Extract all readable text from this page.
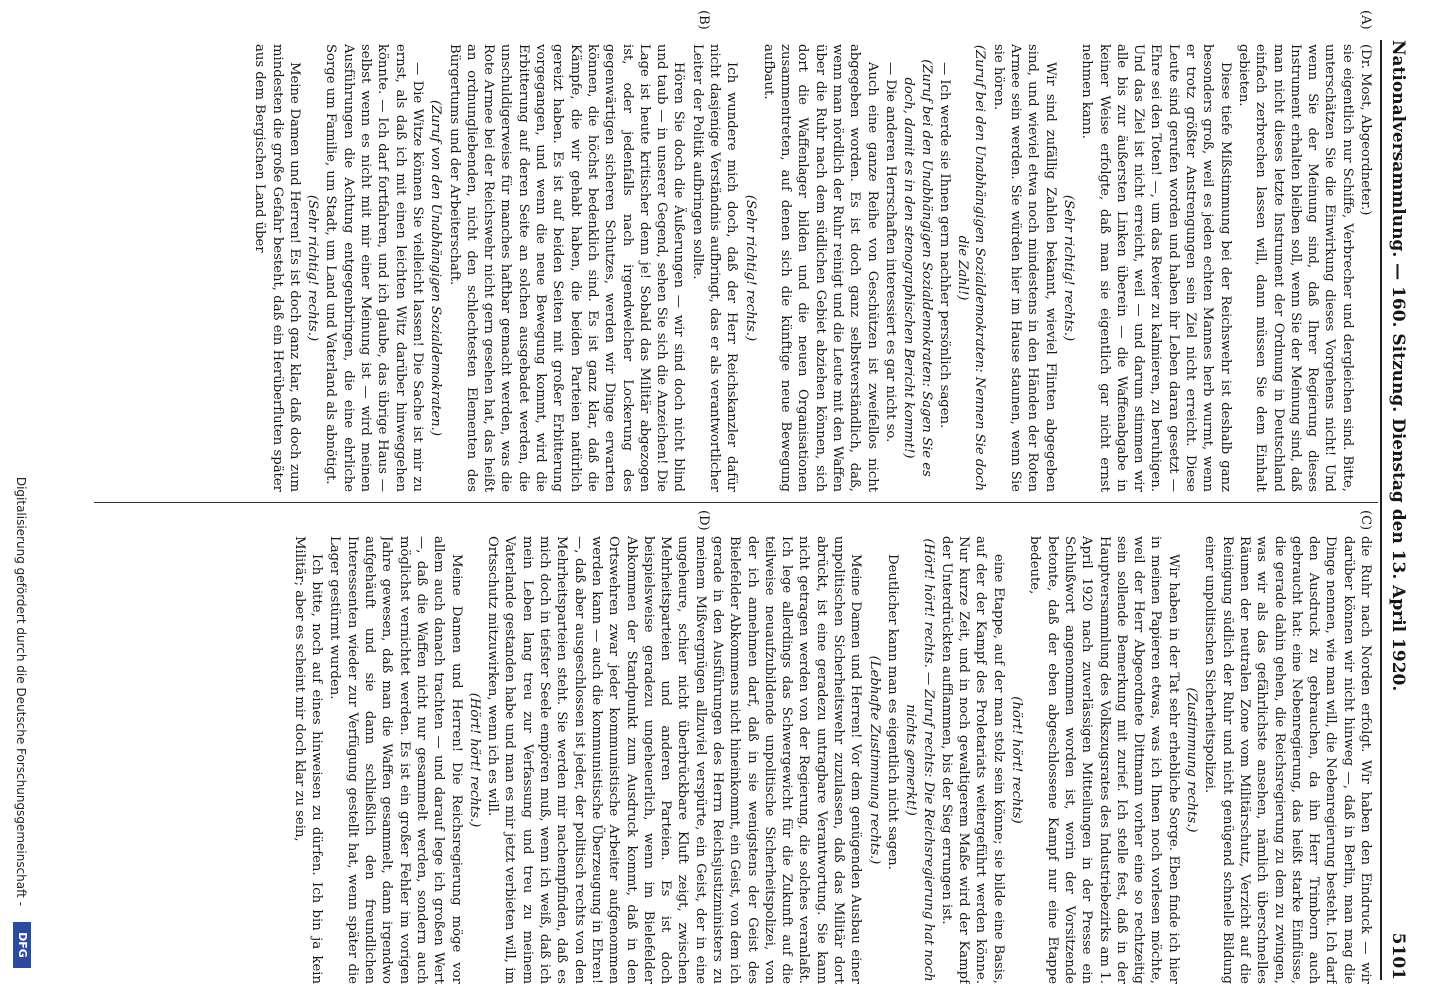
Nationalversammlung. — 160. Sitzung. Dienstag den 13. April 1920.
5101
(A)
(B)
(C)
(D)

(Dr. Most, Abgeordneter.)

sie eigentlich nur Schiffe, Verbrecher und dergleichen sind. Bitte, unterschätzen Sie die Einwirkung dieses Vorgehens nicht! Und wenn Sie der Meinung sind, daß Ihrer Regierung dieses Instrument erhalten bleiben soll, wenn Sie der Meinung sind, daß man nicht dieses letzte Instrument der Ordnung in Deutschland einfach zerbrechen lassen will, dann müssen Sie dem Einhalt gebieten.

Diese tiefe Mißstimmung bei der Reichswehr ist deshalb ganz besonders groß, weil es jeden echten Mannes herb wurmt, wenn er trotz größter Anstrengungen sein Ziel nicht erreicht. Diese Leute sind gerufen worden und haben ihr Leben daran gesetzt — Ehre sei den Toten! —, um das Revier zu kalmieren, zu beruhigen. Und das Ziel ist nicht erreicht, weil — und darum stimmen wir alle bis zur äußersten Linken überein — die Waffenabgabe in keiner Weise erfolgte, daß man sie eigentlich gar nicht ernst nehmen kann.

(Sehr richtig! rechts.)

Wir sind zufällig Zahlen bekannt, wieviel Flinten abgegeben sind, und wieviel etwa noch mindestens in den Händen der Roten Armee sein werden. Sie würden hier im Hause staunen, wenn Sie sie hören.

(Zuruf bei den Unabhängigen Sozialdemokraten: Nennen Sie doch die Zahl!)

— Ich werde sie Ihnen gern nachher persönlich sagen.

(Zuruf bei den Unabhängigen Sozialdemokraten: Sagen Sie es doch, damit es in den stenographischen Bericht kommt!)

— Die anderen Herrschaften interessiert es gar nicht so.

Auch eine ganze Reihe von Geschützen ist zweifellos nicht abgegeben worden. Es ist doch ganz selbstverständlich, daß, wenn man nördlich der Ruhr reinigt und die Leute mit den Waffen über die Ruhr nach dem südlichen Gebiet abziehen können, sich dort die Waffenlager bilden und die neuen Organisationen zusammentreten, auf denen sich die künftige neue Bewegung aufbaut.

(Sehr richtig! rechts.)

Ich wundere mich doch, daß der Herr Reichskanzler dafür nicht dasjenige Verständnis aufbringt, das er als verantwortlicher Leiter der Politik aufbringen sollte.

Hören Sie doch die Äußerungen — wir sind doch nicht blind und taub — in unserer Gegend, sehen Sie sich die Anzeichen! Die Lage ist heute kritischer denn je! Sobald das Militär abgezogen ist, oder jedenfalls nach irgendwelcher Lockerung des gegenwärtigen sicheren Schutzes, werden wir Dinge erwarten können, die höchst bedenklich sind. Es ist ganz klar, daß die Kämpfe, die wir gehabt haben, die beiden Parteien natürlich gereizt haben. Es ist auf beiden Seiten mit großer Erbitterung vorgegangen, und wenn die neue Bewegung kommt, wird die Erbitterung auf deren Seite an solchen ausgebadet werden, die unschuldigerweise für manches haftbar gemacht werden, was die Rote Armee bei der Reichswehr nicht gern gesehen hat, das heißt an ordnungliebenden, nicht den schlechtesten Elementen des Bürgertums und der Arbeiterschaft.

(Zuruf von den Unabhängigen Sozialdemokraten.)

— Die Witze können Sie vielleicht lassen! Die Sache ist mir zu ernst, als daß ich mit einen leichten Witz darüber hinweggehen könnte. — Ich darf fortfahren, und ich glaube, das übrige Haus — selbst wenn es nicht mit mir einer Meinung ist — wird meinen Ausführungen die Achtung entgegenbringen, die eine ehrliche Sorge um Familie, um Stadt, um Land und Vaterland als abnötigt.

(Sehr richtig! rechts.)

Meine Damen und Herren! Es ist doch ganz klar, daß doch zum mindesten die große Gefahr besteht, daß ein Herüberfluten später aus dem Bergischen Land über

die Ruhr nach Norden erfolgt. Wir haben den Eindruck — wir darüber können wir nicht hinweg —, daß in Berlin, man mag die Dinge nennen, wie man will, die Nebenregierung besteht. Ich darf den Ausdruck zu gebrauchen, da ihn Herr Trimborn auch gebraucht hat: eine Nebenregierung, das heißt starke Einflüsse, die gerade dahin gehen, die Reichsregierung zu dem zu zwingen, was wir als das gefährlichste ansehen, nämlich überschnelles Räumen der neutralen Zone vom Militärschutz, Verzicht auf die Reinigung südlich der Ruhr und nicht genügend schnelle Bildung einer unpolitischen Sicherheitspolizei.

(Zustimmung rechts.)

Wir haben in der Tat sehr erhebliche Sorge. Eben finde ich hier in meinen Papieren etwas, was ich Ihnen noch vorlesen möchte, weil der Herr Abgeordnete Dittmann vorher eine so rechtzeitig sein sollende Bemerkung mit zurief. Ich stelle fest, daß in der Hauptversammlung des Volkszugsrates des Industriebezirks am 1. April 1920 nach zuverlässigen Mitteilungen in der Presse ein Schlußwort angenommen worden ist, worin der Vorsitzende betonte, daß der eben abgeschlossene Kampf nur eine Etappe bedeute,

(hört! hört! rechts)

eine Etappe, auf der man stolz sein könne; sie bilde eine Basis, auf der der Kampf des Proletariats weitergeführt werden könne. Nur kurze Zeit, und in noch gewaltigerem Maße wird der Kampf der Unterdrückten aufflammen, bis der Sieg errungen ist.

(Hört! hört! rechts. — Zuruf rechts: Die Reichsregierung hat noch nichts gemerkt!)

Deutlicher kann man es eigentlich nicht sagen.

(Lebhafte Zustimmung rechts.)

Meine Damen und Herren! Vor dem genügenden Ausbau einer unpolitischen Sicherheitswehr zuzulassen, daß das Militär dort abrückt, ist eine geradezu untragbare Verantwortung. Sie kann nicht getragen werden von der Regierung, die solches veranlaßt. Ich lege allerdings das Schwergewicht für die Zukunft auf die teilweise neuaufzubildende unpolitische Sicherheitspolizei, von der ich annehmen darf, daß in sie wenigstens der Geist des Bielefelder Abkommens nicht hineinkommt, ein Geist, von dem ich gerade in den Ausführungen des Herrn Reichsjustizministers zu meinem Mißvergnügen allzuviel verspürte, ein Geist, der in eine ungeheure, schier nicht überbrückbare Kluft zeigt, zwischen Mehrheitsparteien und anderen Parteien. Es ist doch beispielsweise geradezu ungeheuerlich, wenn im Bielefelder Abkommen der Standpunkt zum Ausdruck kommt, daß in den Ortswehren zwar jeder kommunistische Arbeiter aufgenommen werden kann — auch die kommunistische Überzeugung in Ehren! —, daß aber ausgeschlossen ist jeder, der politisch rechts von den Mehrheitsparteien steht. Sie werden mir nachempfinden, daß es mich doch in tiefster Seele empören muß, wenn ich weiß, daß ich mein Leben lang treu zur Verfassung und treu zu meinem Vaterlande gestanden habe und man es mir jetzt verbieten will, im Ortsschutz mitzuwirken, wenn ich es will.

(Hört! hört! rechts.)

Meine Damen und Herren! Die Reichsregierung möge vor allem auch danach trachten — und darauf lege ich großen Wert —, daß die Waffen nicht nur gesammelt werden, sondern auch möglichst vernichtet werden. Es ist ein großer Fehler im vorigen Jahre gewesen, daß man die Waffen gesammelt, dann irgendwo aufgehäuft und sie dann schließlich den freundlichen Interessenten wieder zur Verfügung gestellt hat, wenn später die Lager gestürmt wurden.

Ich bitte, noch auf eines hinweisen zu dürfen. Ich bin ja kein Militär; aber es scheint mir doch klar zu sein,

Digitalisierung gefördert durch die Deutsche Forschungsgemeinschaft -
DFG
